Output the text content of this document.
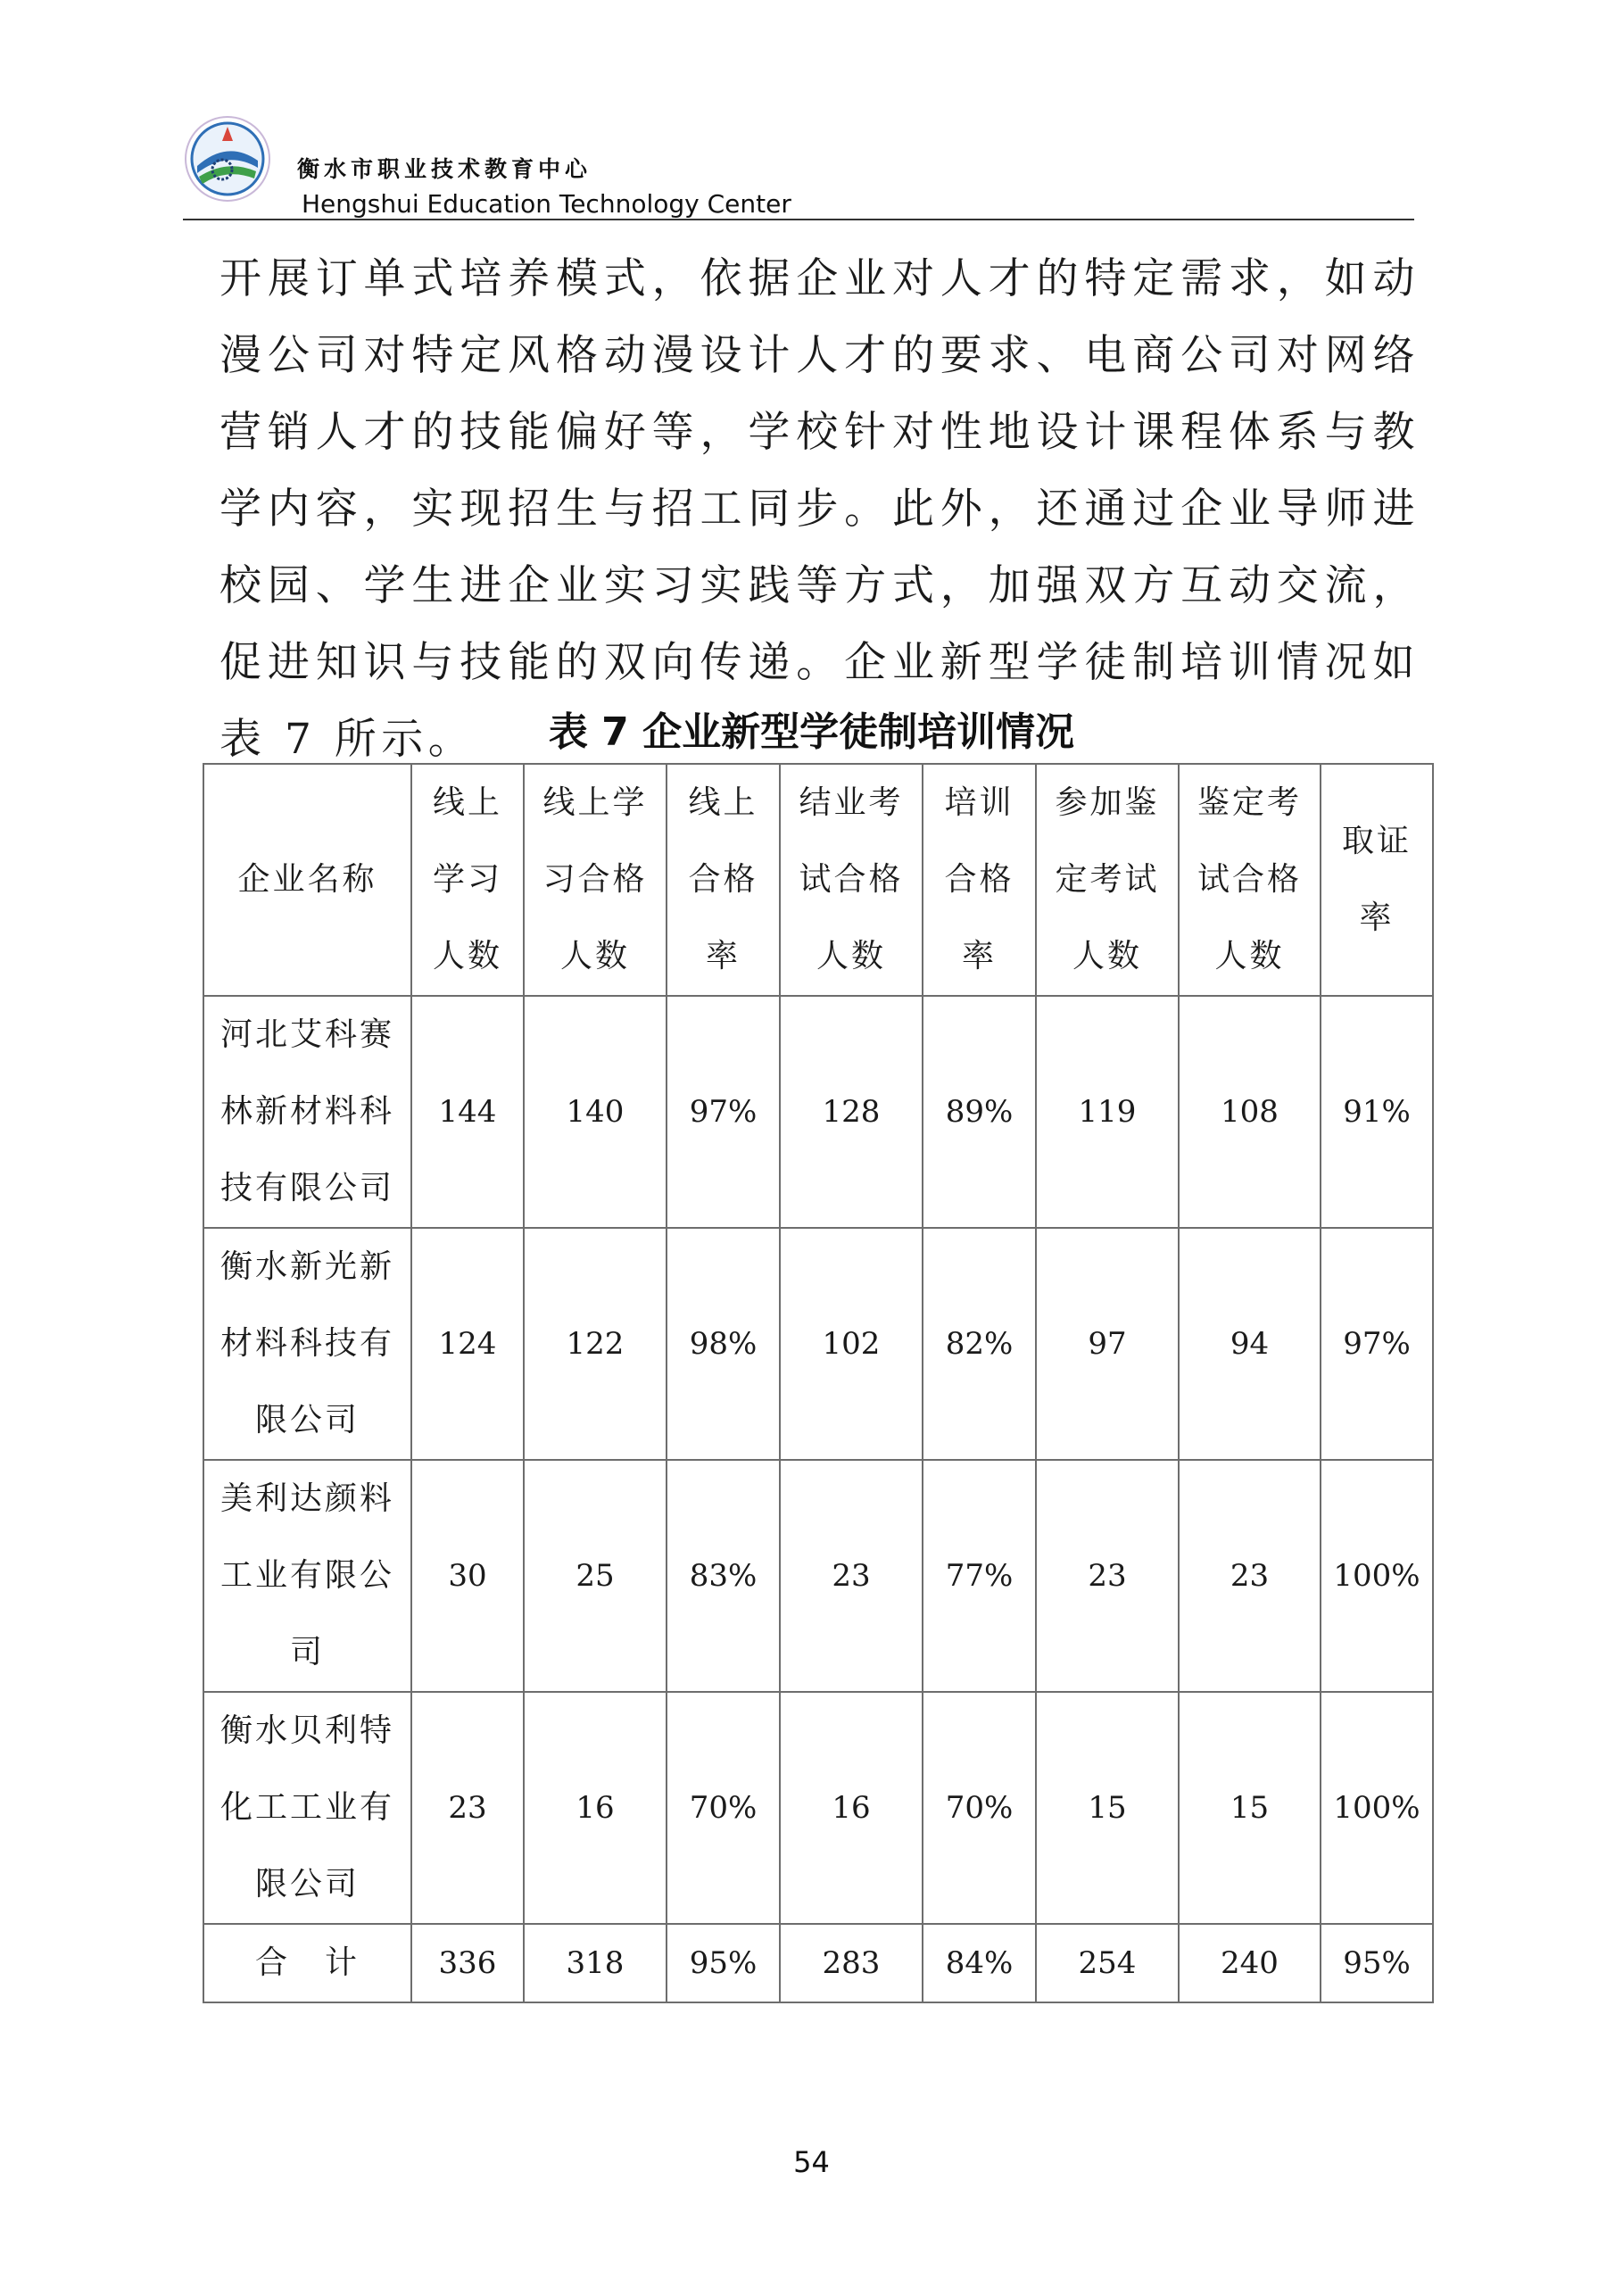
衡水市职业技术教育中心
Hengshui Education Technology Center
开展订单式培养模式，依据企业对人才的特定需求，如动漫公司对特定风格动漫设计人才的要求、电商公司对网络营销人才的技能偏好等，学校针对性地设计课程体系与教学内容，实现招生与招工同步。此外，还通过企业导师进校园、学生进企业实习实践等方式，加强双方互动交流，促进知识与技能的双向传递。企业新型学徒制培训情况如表 7 所示。	表 7 企业新型学徒制培训情况
企业名称	线上学习人数	线上学习合格人数	线上合格率	结业考试合格人数	培训合格率	参加鉴定考试人数	鉴定考试合格人数	取证率
河北艾科赛林新材料科技有限公司	144	140	97%	128	89%	119	108	91%
衡水新光新材料科技有限公司	124	122	98%	102	82%	97	94	97%
美利达颜料工业有限公司	30	25	83%	23	77%	23	23	100%
衡水贝利特化工工业有限公司	23	16	70%	16	70%	15	15	100%
合　计	336	318	95%	283	84%	254	240	95%
54
